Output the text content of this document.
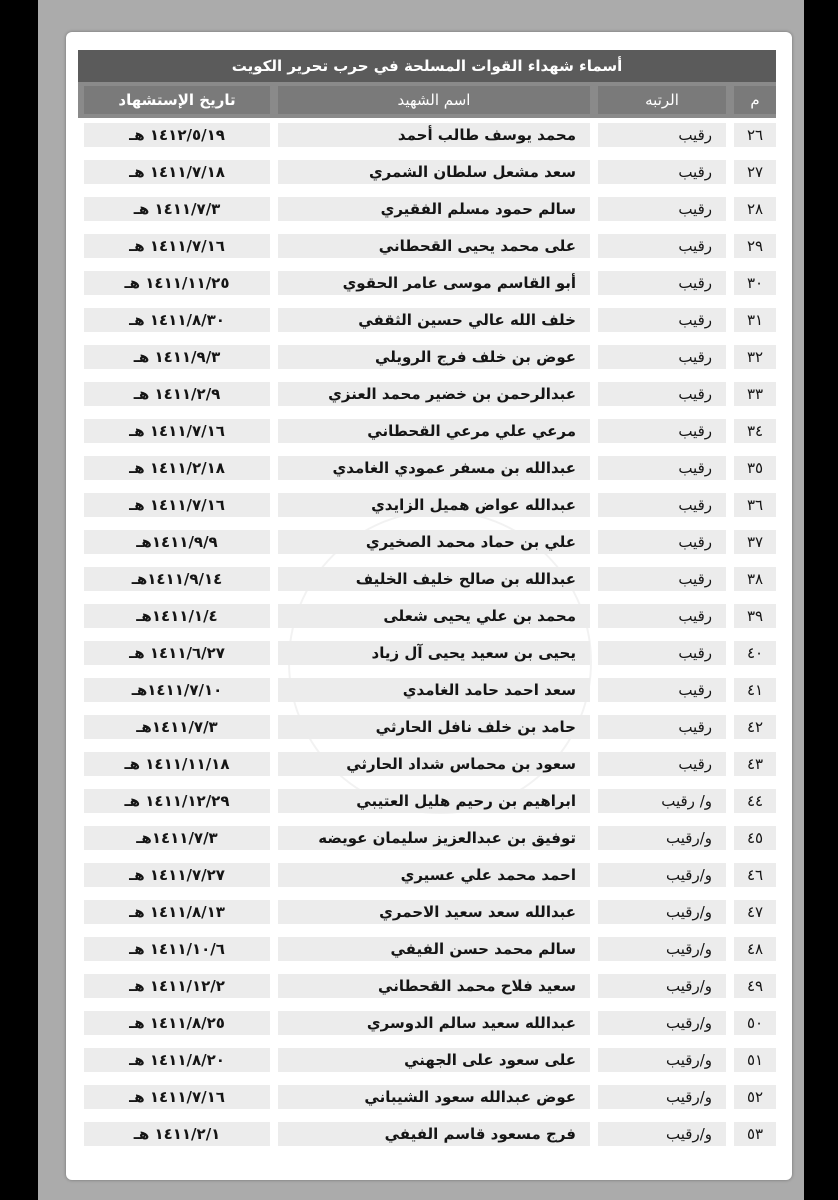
أسماء شهداء القوات المسلحة في حرب تحرير الكويت
م
الرتبه
اسم الشهيد
تاريخ الإستشهاد
٢٦
رقيب
محمد يوسف طالب أحمد
١٤١٢/٥/١٩ هـ
٢٧
رقيب
سعد مشعل سلطان الشمري
١٤١١/٧/١٨ هـ
٢٨
رقيب
سالم حمود مسلم الفقيري
١٤١١/٧/٣ هـ
٢٩
رقيب
على محمد يحيى القحطاني
١٤١١/٧/١٦ هـ
٣٠
رقيب
أبو القاسم موسى عامر الحقوي
١٤١١/١١/٢٥ هـ
٣١
رقيب
خلف الله عالي حسين الثقفي
١٤١١/٨/٣٠ هـ
٣٢
رقيب
عوض بن خلف فرج الرويلي
١٤١١/٩/٣ هـ
٣٣
رقيب
عبدالرحمن بن خضير محمد العنزي
١٤١١/٢/٩ هـ
٣٤
رقيب
مرعي علي مرعي القحطاني
١٤١١/٧/١٦ هـ
٣٥
رقيب
عبدالله بن مسفر عمودي الغامدي
١٤١١/٢/١٨ هـ
٣٦
رقيب
عبدالله عواض هميل الزايدي
١٤١١/٧/١٦ هـ
٣٧
رقيب
علي بن حماد محمد الصخيري
١٤١١/٩/٩هـ
٣٨
رقيب
عبدالله بن صالح خليف الخليف
١٤١١/٩/١٤هـ
٣٩
رقيب
محمد بن علي يحيى شعلى
١٤١١/١/٤هـ
٤٠
رقيب
يحيى بن سعيد يحيى آل زياد
١٤١١/٦/٢٧ هـ
٤١
رقيب
سعد احمد حامد الغامدي
١٤١١/٧/١٠هـ
٤٢
رقيب
حامد بن خلف نافل الحارثي
١٤١١/٧/٣هـ
٤٣
رقيب
سعود بن محماس شداد الحارثي
١٤١١/١١/١٨ هـ
٤٤
و/ رقيب
ابراهيم بن رحيم هليل العتيبي
١٤١١/١٢/٢٩ هـ
٤٥
و/رقيب
توفيق بن عبدالعزيز سليمان عويضه
١٤١١/٧/٣هـ
٤٦
و/رقيب
احمد محمد علي عسيري
١٤١١/٧/٢٧ هـ
٤٧
و/رقيب
عبدالله سعد سعيد الاحمري
١٤١١/٨/١٣ هـ
٤٨
و/رقيب
سالم محمد حسن الفيفي
١٤١١/١٠/٦ هـ
٤٩
و/رقيب
سعيد فلاح محمد القحطاني
١٤١١/١٢/٢ هـ
٥٠
و/رقيب
عبدالله سعيد سالم الدوسري
١٤١١/٨/٢٥ هـ
٥١
و/رقيب
على سعود على الجهني
١٤١١/٨/٢٠ هـ
٥٢
و/رقيب
عوض عبدالله سعود الشيباني
١٤١١/٧/١٦ هـ
٥٣
و/رقيب
فرج مسعود قاسم الفيفي
١٤١١/٢/١ هـ
